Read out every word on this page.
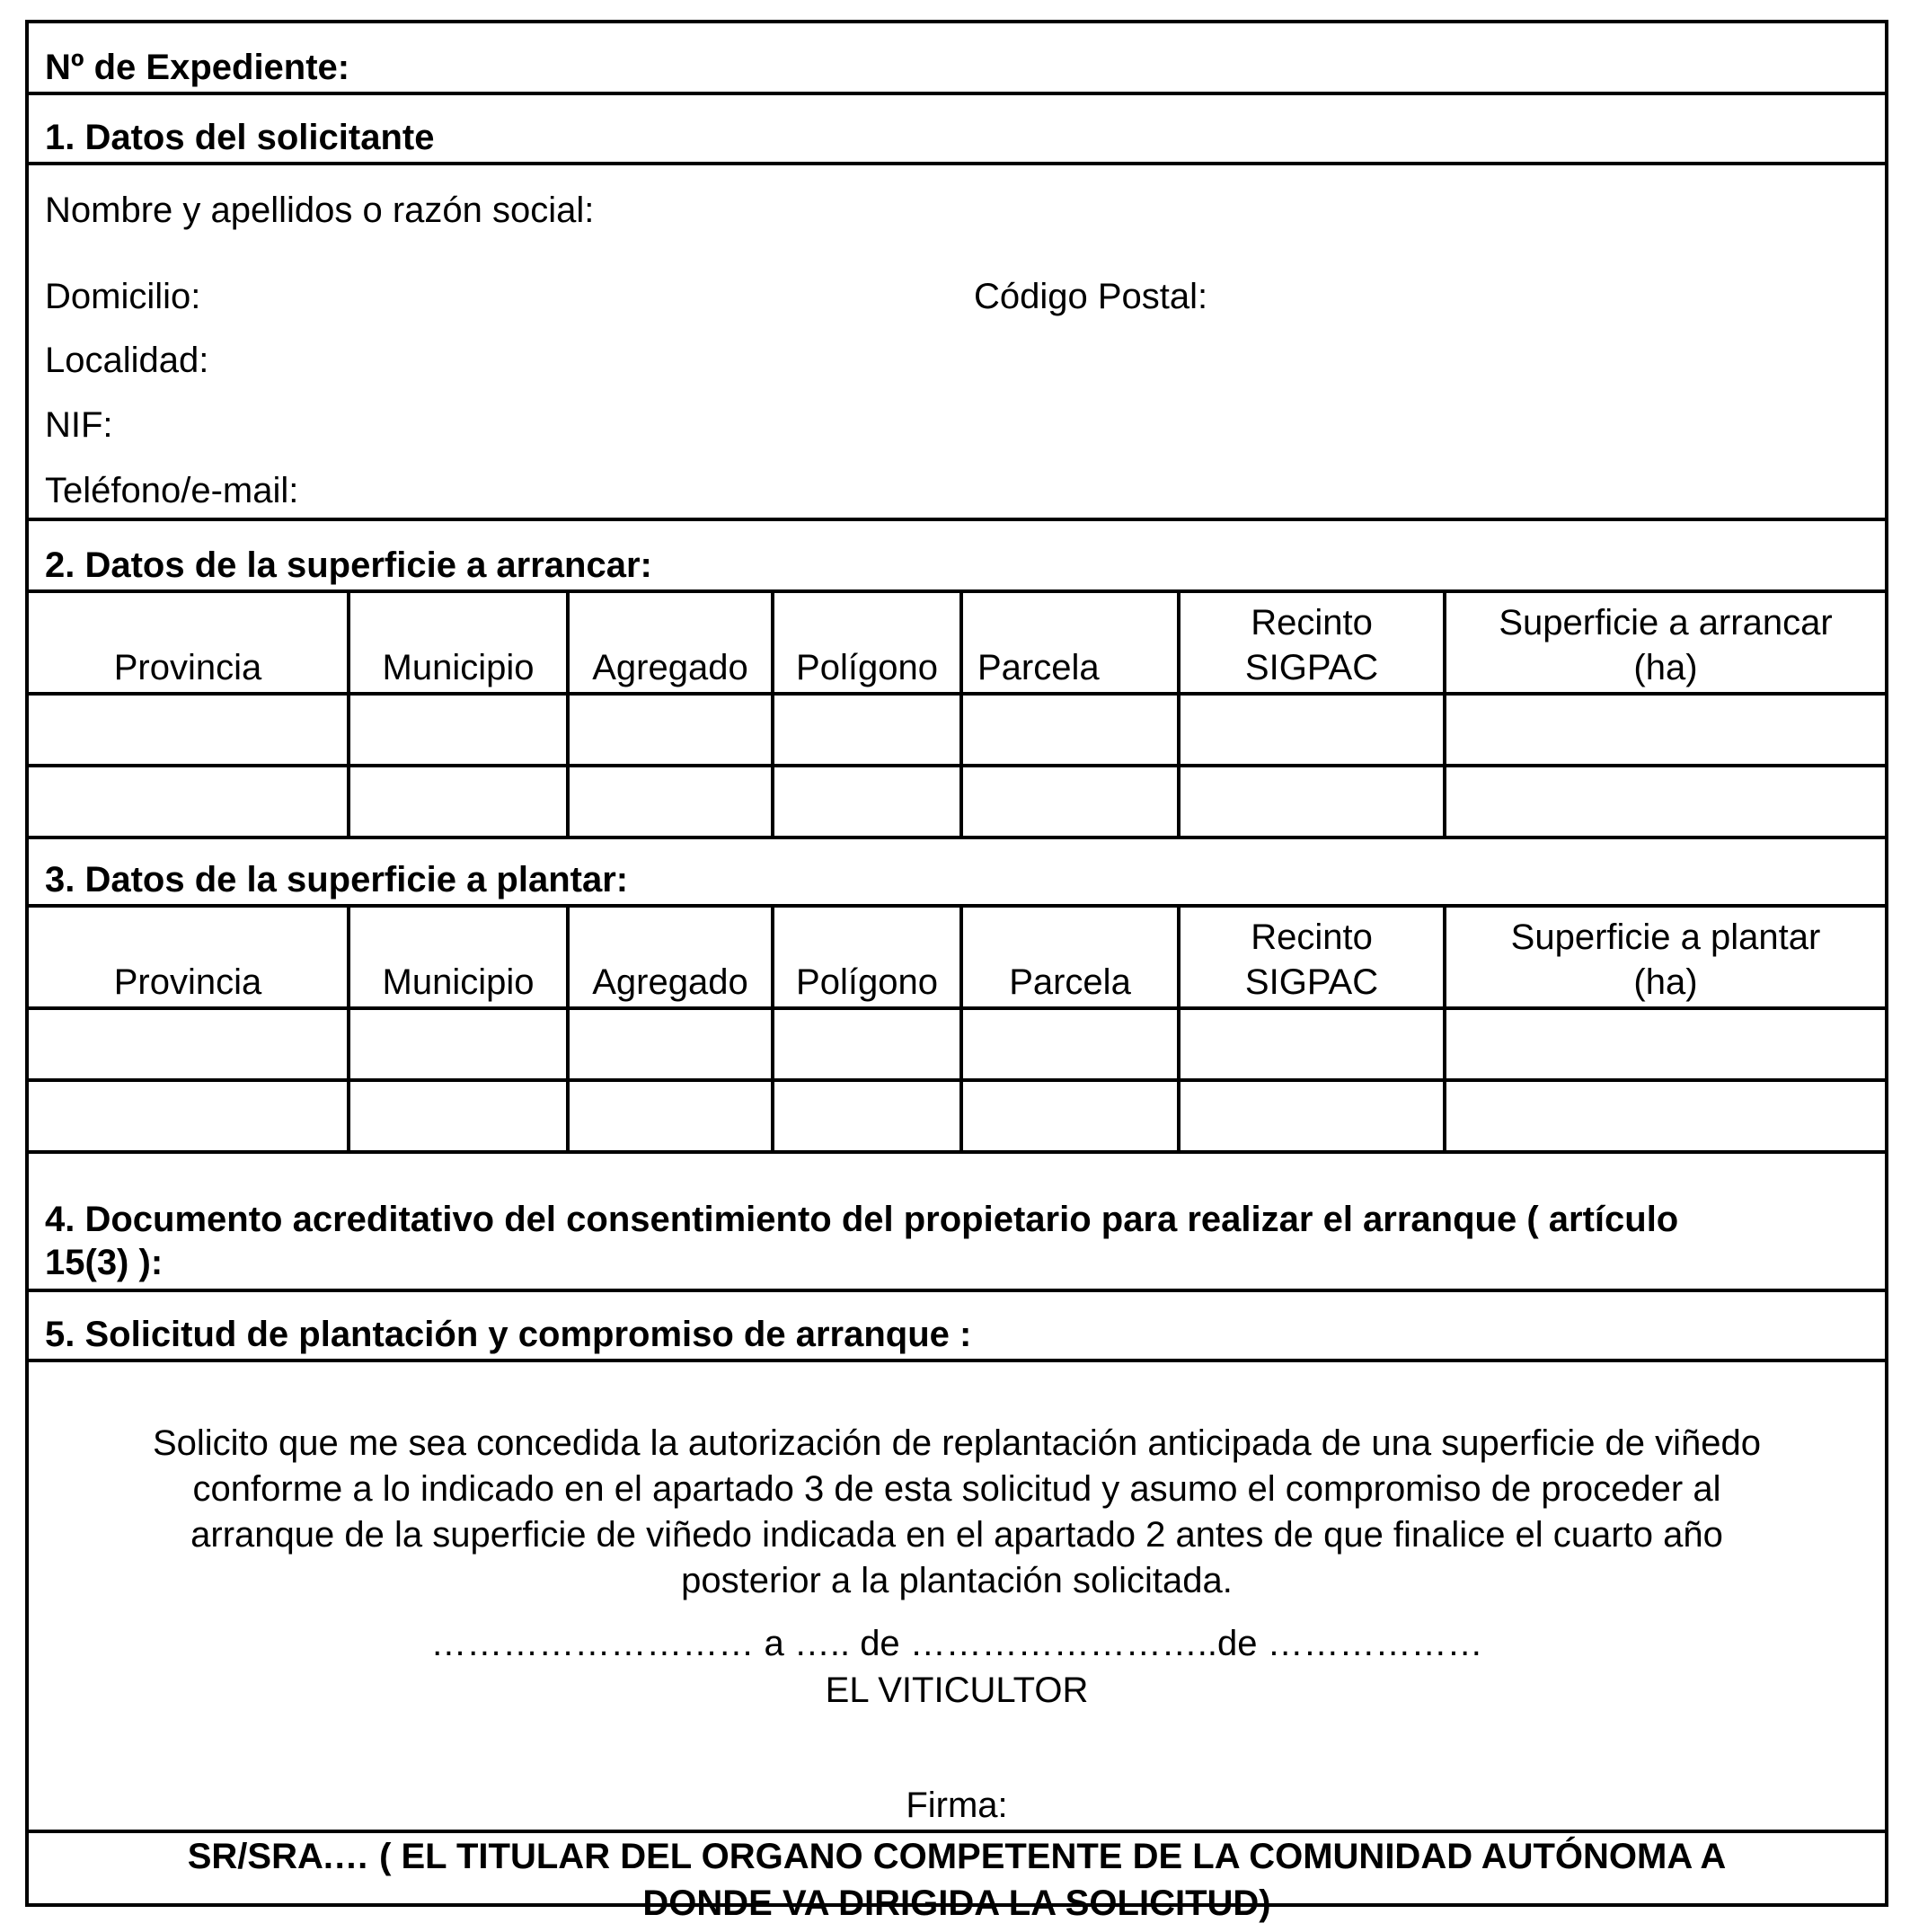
Nº de Expediente:
1. Datos del solicitante
Nombre y apellidos o razón social:
Domicilio:	Código Postal:
Localidad:
NIF:
Teléfono/e-mail:
2. Datos de la superficie a arrancar:
Provincia	Municipio	Agregado	Polígono	Parcela	Recinto SIGPAC	Superficie a arrancar (ha)

3. Datos de la superficie a plantar:
Provincia	Municipio	Agregado	Polígono	Parcela	Recinto SIGPAC	Superficie a plantar (ha)

4. Documento acreditativo del consentimiento del propietario para realizar el arranque ( artículo
15(3) ):
5. Solicitud de plantación y compromiso de arranque :
Solicito que me sea concedida la autorización de replantación anticipada de una superficie de viñedo
conforme a lo indicado en el apartado 3 de esta solicitud y asumo el compromiso de proceder al
arranque de la superficie de viñedo indicada en el apartado 2 antes de que finalice el cuarto año
posterior a la plantación solicitada.
……………………… a ….. de ……………………..de ………………
EL VITICULTOR
Firma:
SR/SRA.… ( EL TITULAR DEL ORGANO COMPETENTE DE LA COMUNIDAD AUTÓNOMA A
DONDE VA DIRIGIDA LA SOLICITUD)
